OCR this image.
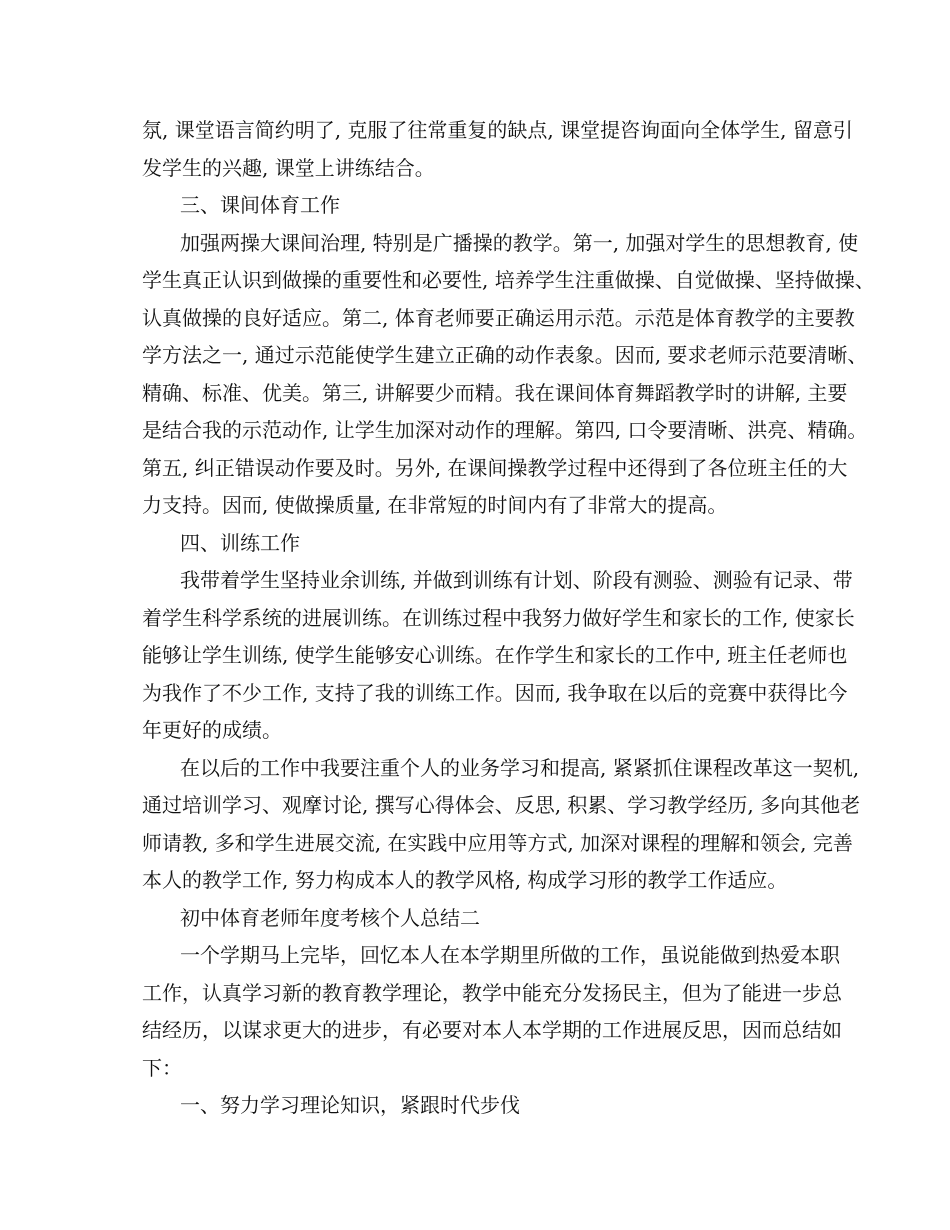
氛, 课堂语言简约明了, 克服了往常重复的缺点, 课堂提咨询面向全体学生, 留意引
发学生的兴趣, 课堂上讲练结合。
三、课间体育工作
加强两操大课间治理, 特别是广播操的教学。第一, 加强对学生的思想教育, 使
学生真正认识到做操的重要性和必要性, 培养学生注重做操、自觉做操、坚持做操、
认真做操的良好适应。第二, 体育老师要正确运用示范。示范是体育教学的主要教
学方法之一, 通过示范能使学生建立正确的动作表象。因而, 要求老师示范要清晰、
精确、标准、优美。第三, 讲解要少而精。我在课间体育舞蹈教学时的讲解, 主要
是结合我的示范动作, 让学生加深对动作的理解。第四, 口令要清晰、洪亮、精确。
第五, 纠正错误动作要及时。另外, 在课间操教学过程中还得到了各位班主任的大
力支持。因而, 使做操质量, 在非常短的时间内有了非常大的提高。
四、训练工作
我带着学生坚持业余训练, 并做到训练有计划、阶段有测验、测验有记录、带
着学生科学系统的进展训练。在训练过程中我努力做好学生和家长的工作, 使家长
能够让学生训练, 使学生能够安心训练。在作学生和家长的工作中, 班主任老师也
为我作了不少工作, 支持了我的训练工作。因而, 我争取在以后的竞赛中获得比今
年更好的成绩。
在以后的工作中我要注重个人的业务学习和提高, 紧紧抓住课程改革这一契机,
通过培训学习、观摩讨论, 撰写心得体会、反思, 积累、学习教学经历, 多向其他老
师请教, 多和学生进展交流, 在实践中应用等方式, 加深对课程的理解和领会, 完善
本人的教学工作, 努力构成本人的教学风格, 构成学习形的教学工作适应。
初中体育老师年度考核个人总结二
一个学期马上完毕，回忆本人在本学期里所做的工作，虽说能做到热爱本职
工作，认真学习新的教育教学理论，教学中能充分发扬民主，但为了能进一步总
结经历，以谋求更大的进步，有必要对本人本学期的工作进展反思，因而总结如
下：
一、努力学习理论知识，紧跟时代步伐
